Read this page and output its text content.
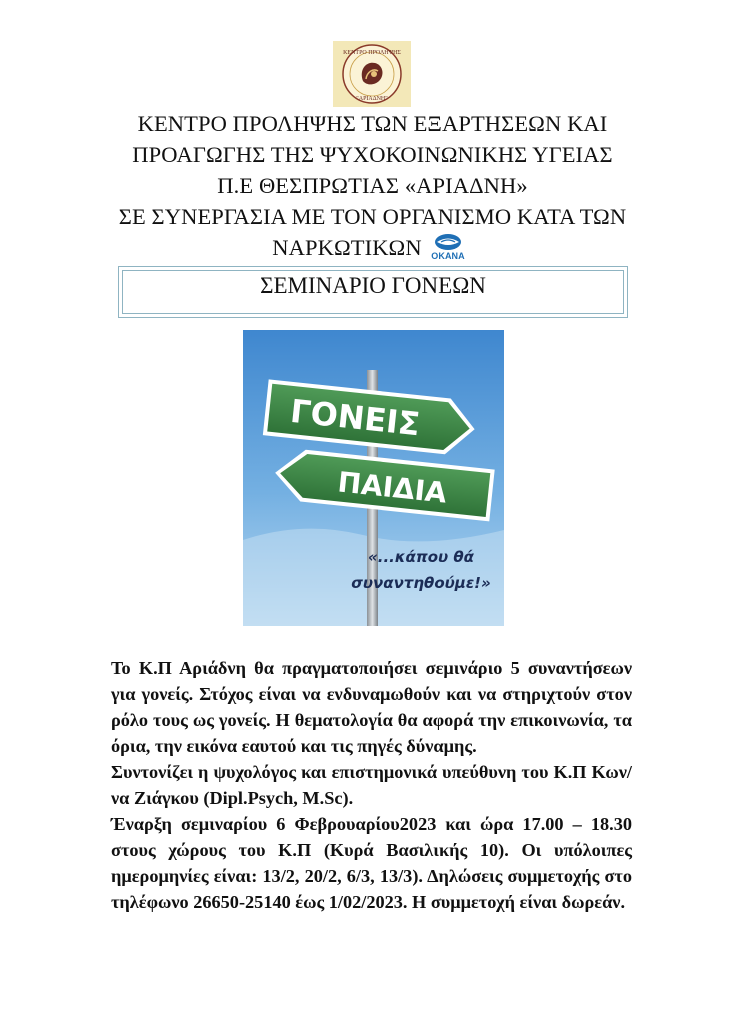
ΚΕΝΤΡΟ ΠΡΟΛΗΨΗΣ
"ΑΡΙΑΔΝΗ"
ΚΕΝΤΡΟ ΠΡΟΛΗΨΗΣ ΤΩΝ ΕΞΑΡΤΗΣΕΩΝ ΚΑΙ
ΠΡΟΑΓΩΓΗΣ ΤΗΣ ΨΥΧΟΚΟΙΝΩΝΙΚΗΣ ΥΓΕΙΑΣ
Π.Ε ΘΕΣΠΡΩΤΙΑΣ «ΑΡΙΑΔΝΗ»
ΣΕ ΣΥΝΕΡΓΑΣΙΑ ΜΕ ΤΟΝ ΟΡΓΑΝΙΣΜΟ ΚΑΤΑ ΤΩΝ
ΝΑΡΚΩΤΙΚΩΝ OKANA
ΣΕΜΙΝΑΡΙΟ ΓΟΝΕΩΝ
ΓΟΝΕΙΣ
ΠΑΙΔΙΑ
«...κάπου θά
συναντηθούμε!»

Το Κ.Π Αριάδνη θα πραγματοποιήσει σεμινάριο 5 συναντήσεων για γονείς. Στόχος είναι να ενδυναμωθούν και να στηριχτούν στον ρόλο τους ως γονείς. Η θεματολογία θα αφορά την επικοινωνία, τα όρια, την εικόνα εαυτού και τις πηγές δύναμης.

Συντονίζει η ψυχολόγος και επιστημονικά υπεύθυνη του Κ.Π Κων/να Ζιάγκου (Dipl.Psych, M.Sc).

Έναρξη σεμιναρίου 6 Φεβρουαρίου2023 και ώρα 17.00 – 18.30 στους χώρους του Κ.Π (Κυρά Βασιλικής 10). Οι υπόλοιπες ημερομηνίες είναι: 13/2, 20/2, 6/3, 13/3). Δηλώσεις συμμετοχής στο τηλέφωνο 26650-25140 έως 1/02/2023. Η συμμετοχή είναι δωρεάν.
